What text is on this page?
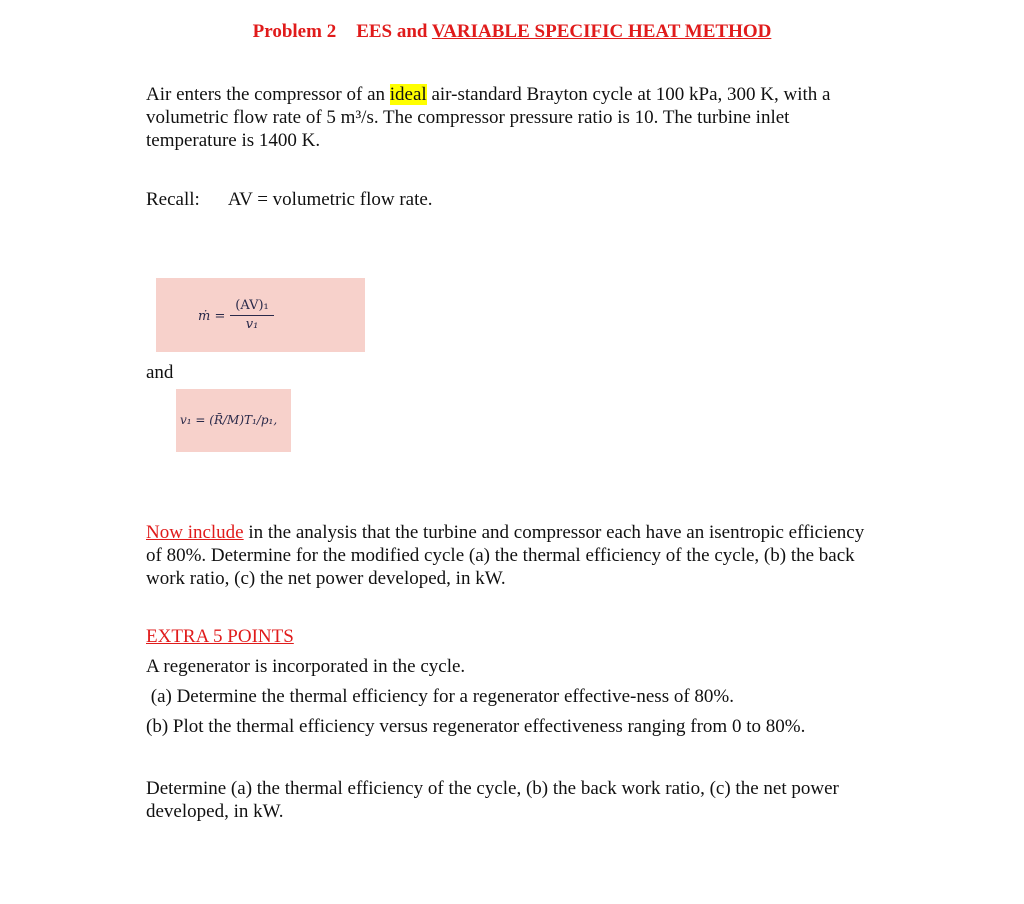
Problem 2 EES and VARIABLE SPECIFIC HEAT METHOD

Air enters the compressor of an ideal air-standard Brayton cycle at 100 kPa, 300 K, with a volumetric flow rate of 5 m³/s. The compressor pressure ratio is 10. The turbine inlet temperature is 1400 K.

Recall: AV = volumetric flow rate.

ṁ =
(AV)₁
v₁

and

v₁ = (R̄/M)T₁/p₁,

Now include in the analysis that the turbine and compressor each have an isentropic efficiency of 80%. Determine for the modified cycle (a) the thermal efficiency of the cycle, (b) the back work ratio, (c) the net power developed, in kW.

EXTRA 5 POINTS

A regenerator is incorporated in the cycle.

(a) Determine the thermal efficiency for a regenerator effective-ness of 80%.

(b) Plot the thermal efficiency versus regenerator effectiveness ranging from 0 to 80%.

Determine (a) the thermal efficiency of the cycle, (b) the back work ratio, (c) the net power developed, in kW.
